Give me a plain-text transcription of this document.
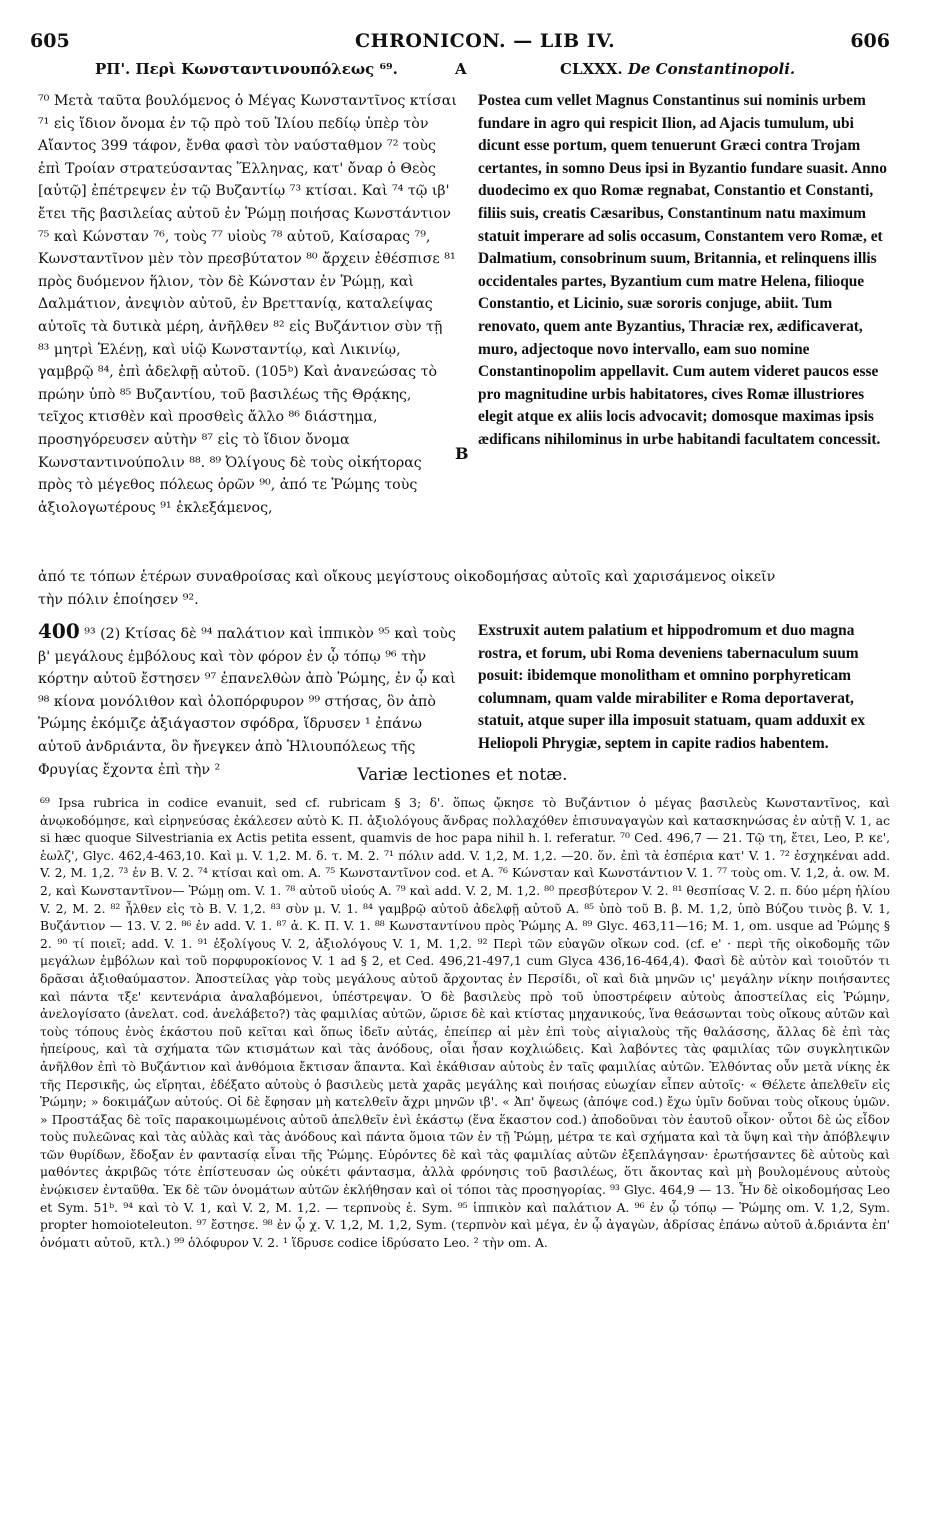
605	CHRONICON. — LIB IV.	606
ΡΠ'. Περὶ Κωνσταντινουπόλεως ⁶⁹.	A	CLXXX. De Constantinopoli.

⁷⁰ Μετὰ ταῦτα βουλόμενος ὁ Μέγας Κωνσταντῖνος κτίσαι ⁷¹ εἰς ἴδιον ὄνομα ἐν τῷ πρὸ τοῦ Ἰλίου πεδίῳ ὑπὲρ τὸν Αἴαντος 399 τάφον, ἔνθα φασὶ τὸν ναύσταθμον ⁷² τοὺς ἐπὶ Τροίαν στρατεύσαντας Ἕλληνας, κατ' ὄναρ ὁ Θεὸς [αὐτῷ] ἐπέτρεψεν ἐν τῷ Βυζαντίῳ ⁷³ κτίσαι. Καὶ ⁷⁴ τῷ ιβ' ἔτει τῆς βασιλείας αὐτοῦ ἐν Ῥώμῃ ποιήσας Κωνστάντιον ⁷⁵ καὶ Κώνσταν ⁷⁶, τοὺς ⁷⁷ υἱοὺς ⁷⁸ αὐτοῦ, Καίσαρας ⁷⁹, Κωνσταντῖνον μὲν τὸν πρεσβύτατον ⁸⁰ ἄρχειν ἐθέσπισε ⁸¹ πρὸς δυόμενον ἥλιον, τὸν δὲ Κώνσταν ἐν Ῥώμῃ, καὶ Δαλμάτιον, ἀνεψιὸν αὐτοῦ, ἐν Βρεττανίᾳ, καταλείψας αὐτοῖς τὰ δυτικὰ μέρη, ἀνῆλθεν ⁸² εἰς Βυζάντιον σὺν τῇ ⁸³ μητρὶ Ἑλένῃ, καὶ υἱῷ Κωνσταντίῳ, καὶ Λικινίῳ, γαμβρῷ ⁸⁴, ἐπὶ ἀδελφῇ αὐτοῦ. (105ᵇ) Καὶ ἀνανεώσας τὸ πρώην ὑπὸ ⁸⁵ Βυζαντίου, τοῦ βασιλέως τῆς Θρᾴκης, τεῖχος κτισθὲν καὶ προσθεὶς ἄλλο ⁸⁶ διάστημα, προσηγόρευσεν αὐτὴν ⁸⁷ εἰς τὸ ἴδιον ὄνομα Κωνσταντινούπολιν ⁸⁸. ⁸⁹ Ὀλίγους δὲ τοὺς οἰκήτορας πρὸς τὸ μέγεθος πόλεως ὁρῶν ⁹⁰, ἀπό τε Ῥώμης τοὺς ἀξιολογωτέρους ⁹¹ ἐκλεξάμενος,

B

Postea cum vellet Magnus Constantinus sui nominis urbem fundare in agro qui respicit Ilion, ad Ajacis tumulum, ubi dicunt esse portum, quem tenuerunt Græci contra Trojam certantes, in somno Deus ipsi in Byzantio fundare suasit. Anno duodecimo ex quo Romæ regnabat, Constantio et Constanti, filiis suis, creatis Cæsaribus, Constantinum natu maximum statuit imperare ad solis occasum, Constantem vero Romæ, et Dalmatium, consobrinum suum, Britannia, et relinquens illis occidentales partes, Byzantium cum matre Helena, filioque Constantio, et Licinio, suæ sororis conjuge, abiit. Tum renovato, quem ante Byzantius, Thraciæ rex, ædificaverat, muro, adjectoque novo intervallo, eam suo nomine Constantinopolim appellavit. Cum autem videret paucos esse pro magnitudine urbis habitatores, cives Romæ illustriores elegit atque ex aliis locis advocavit; domosque maximas ipsis ædificans nihilominus in urbe habitandi facultatem concessit.

ἀπό τε τόπων ἑτέρων συναθροίσας καὶ οἴκους μεγίστους οἰκοδομήσας αὐτοῖς καὶ χαρισάμενος οἰκεῖν

τὴν πόλιν ἐποίησεν ⁹².

400 ⁹³ (2) Κτίσας δὲ ⁹⁴ παλάτιον καὶ ἱππικὸν ⁹⁵ καὶ τοὺς β' μεγάλους ἐμβόλους καὶ τὸν φόρον ἐν ᾧ τόπῳ ⁹⁶ τὴν κόρτην αὐτοῦ ἔστησεν ⁹⁷ ἐπανελθὼν ἀπὸ Ῥώμης, ἐν ᾧ καὶ ⁹⁸ κίονα μονόλιθον καὶ ὁλοπόρφυρον ⁹⁹ στήσας, ὃν ἀπὸ Ῥώμης ἐκόμιζε ἀξιάγαστον σφόδρα, ἵδρυσεν ¹ ἐπάνω αὐτοῦ ἀνδριάντα, ὃν ἤνεγκεν ἀπὸ Ἡλιουπόλεως τῆς Φρυγίας ἔχοντα ἐπὶ τὴν ²

Exstruxit autem palatium et hippodromum et duo magna rostra, et forum, ubi Roma deveniens tabernaculum suum posuit: ibidemque monolitham et omnino porphyreticam columnam, quam valde mirabiliter e Roma deportaverat, statuit, atque super illa imposuit statuam, quam adduxit ex Heliopoli Phrygiæ, septem in capite radios habentem.

Variæ lectiones et notæ.

⁶⁹ Ipsa rubrica in codice evanuit, sed cf. rubricam § 3; δ'. ὅπως ᾤκησε τὸ Βυζάντιον ὁ μέγας βασιλεὺς Κωνσταντῖνος, καὶ ἀνῳκοδόμησε, καὶ εἰρηνεύσας ἐκάλεσεν αὐτὸ Κ. Π. ἀξιολόγους ἄνδρας πολλαχόθεν ἐπισυναγαγὼν καὶ κατασκηνώσας ἐν αὐτῇ V. 1, ac si hæc quoque Silvestriania ex Actis petita essent, quamvis de hoc papa nihil h. l. referatur. ⁷⁰ Ced. 496,7 — 21. Τῷ τη, ἔτει, Leo, P. κε', ἑωλζ', Glyc. 462,4-463,10. Καὶ μ. V. 1,2. M. δ. τ. M. 2. ⁷¹ πόλιν add. V. 1,2, M. 1,2. —20. ὅν. ἐπὶ τὰ ἑσπέρια κατ' V. 1. ⁷² ἐσχηκέναι add. V. 2, M. 1,2. ⁷³ ἐν B. V. 2. ⁷⁴ κτίσαι καὶ om. A. ⁷⁵ Κωνσταντῖνον cod. et A. ⁷⁶ Κώνσταν καὶ Κωνστάντιον V. 1. ⁷⁷ τοὺς om. V. 1,2, ἀ. ow. M. 2, καὶ Κωνσταντῖνον— Ῥώμῃ om. V. 1. ⁷⁸ αὐτοῦ υἱούς A. ⁷⁹ καὶ add. V. 2, M. 1,2. ⁸⁰ πρεσβύτερον V. 2. ⁸¹ θεσπίσας V. 2. π. δύο μέρη ἡλίου V. 2, M. 2. ⁸² ἦλθεν εἰς τὸ B. V. 1,2. ⁸³ σὺν μ. V. 1. ⁸⁴ γαμβρῷ αὐτοῦ ἀδελφῇ αὐτοῦ A. ⁸⁵ ὑπὸ τοῦ B. β. M. 1,2, ὑπὸ Βύζου τινὸς β. V. 1, Βυζάντιον — 13. V. 2. ⁸⁶ ἐν add. V. 1. ⁸⁷ ἀ. K. Π. V. 1. ⁸⁸ Κωνσταντίνου πρὸς Ῥώμης A. ⁸⁹ Glyc. 463,11—16; M. 1, om. usque ad Ῥώμης § 2. ⁹⁰ τί ποιεῖ; add. V. 1. ⁹¹ ἐξολίγους V. 2, ἀξιολόγους V. 1, M. 1,2. ⁹² Περὶ τῶν εὐαγῶν οἴκων cod. (cf. e' · περὶ τῆς οἰκοδομῆς τῶν μεγάλων ἐμβόλων καὶ τοῦ πορφυροκίονος V. 1 ad § 2, et Ced. 496,21-497,1 cum Glyca 436,16-464,4). Φασὶ δὲ αὐτὸν καὶ τοιοῦτόν τι δρᾶσαι ἀξιοθαύμαστον. Ἀποστείλας γὰρ τοὺς μεγάλους αὐτοῦ ἄρχοντας ἐν Περσίδι, οἳ καὶ διὰ μηνῶν ις' μεγάλην νίκην ποιήσαντες καὶ πάντα τξε' κεντενάρια ἀναλαβόμενοι, ὑπέστρεψαν. Ὁ δὲ βασιλεὺς πρὸ τοῦ ὑποστρέφειν αὐτοὺς ἀποστείλας εἰς Ῥώμην, ἀνελογίσατο (ἀνελατ. cod. ἀνελάβετο?) τὰς φαμιλίας αὐτῶν, ὥρισε δὲ καὶ κτίστας μηχανικούς, ἵνα θεάσωνται τοὺς οἴκους αὐτῶν καὶ τοὺς τόπους ἐνὸς ἑκάστου ποῦ κεῖται καὶ ὅπως ἰδεῖν αὐτάς, ἐπείπερ αἱ μὲν ἐπὶ τοὺς αἰγιαλοὺς τῆς θαλάσσης, ἄλλας δὲ ἐπὶ τὰς ἠπείρους, καὶ τὰ σχήματα τῶν κτισμάτων καὶ τὰς ἀνόδους, οἷαι ἦσαν κοχλιώδεις. Καὶ λαβόντες τὰς φαμιλίας τῶν συγκλητικῶν ἀνῆλθον ἐπὶ τὸ Βυζάντιον καὶ ἀνθόμοια ἔκτισαν ἅπαντα. Καὶ ἐκάθισαν αὐτοὺς ἐν ταῖς φαμιλίας αὐτῶν. Ἐλθόντας οὖν μετὰ νίκης ἐκ τῆς Περσικῆς, ὡς εἴρηται, ἐδέξατο αὐτοὺς ὁ βασιλεὺς μετὰ χαρᾶς μεγάλης καὶ ποιήσας εὐωχίαν εἶπεν αὐτοῖς· « Θέλετε ἀπελθεῖν εἰς Ῥώμην; » δοκιμάζων αὐτούς. Οἱ δὲ ἔφησαν μὴ κατελθεῖν ἄχρι μηνῶν ιβ'. « Ἀπ' ὄψεως (ἀπόψε cod.) ἔχω ὑμῖν δοῦναι τοὺς οἴκους ὑμῶν. » Προστάξας δὲ τοῖς παρακοιμωμένοις αὐτοῦ ἀπελθεῖν ἐνὶ ἑκάστῳ (ἕνα ἕκαστον cod.) ἀποδοῦναι τὸν ἑαυτοῦ οἶκον· οὗτοι δὲ ὡς εἶδον τοὺς πυλεῶνας καὶ τὰς αὐλὰς καὶ τὰς ἀνόδους καὶ πάντα ὅμοια τῶν ἐν τῇ Ῥώμῃ, μέτρα τε καὶ σχήματα καὶ τὰ ὕψη καὶ τὴν ἀπόβλεψιν τῶν θυρίδων, ἔδοξαν ἐν φαντασίᾳ εἶναι τῆς Ῥώμης. Εὑρόντες δὲ καὶ τὰς φαμιλίας αὐτῶν ἐξεπλάγησαν· ἐρωτήσαντες δὲ αὐτοὺς καὶ μαθόντες ἀκριβῶς τότε ἐπίστευσαν ὡς οὐκέτι φάντασμα, ἀλλὰ φρόνησις τοῦ βασιλέως, ὅτι ἄκοντας καὶ μὴ βουλομένους αὐτοὺς ἐνῴκισεν ἐνταῦθα. Ἐκ δὲ τῶν ὀνομάτων αὐτῶν ἐκλήθησαν καὶ οἱ τόποι τὰς προσηγορίας. ⁹³ Glyc. 464,9 — 13. Ἦν δὲ οἰκοδομήσας Leo et Sym. 51ᵇ. ⁹⁴ καὶ τὸ V. 1, καὶ V. 2, M. 1,2. — τερπνοὺς ἑ. Sym. ⁹⁵ ἱππικὸν καὶ παλάτιον A. ⁹⁶ ἐν ᾧ τόπῳ — Ῥώμης om. V. 1,2, Sym. propter homoioteleuton. ⁹⁷ ἔστησε. ⁹⁸ ἐν ᾧ χ. V. 1,2, M. 1,2, Sym. (τερπνὸν καὶ μέγα, ἐν ᾧ ἀγαγὼν, ἀδρίσας ἐπάνω αὐτοῦ ἀ.δριάντα ἐπ' ὀνόματι αὐτοῦ, κτλ.) ⁹⁹ ὁλόφυρον V. 2. ¹ ἵδρυσε codice ἱδρύσατο Leo. ² τὴν om. A.
